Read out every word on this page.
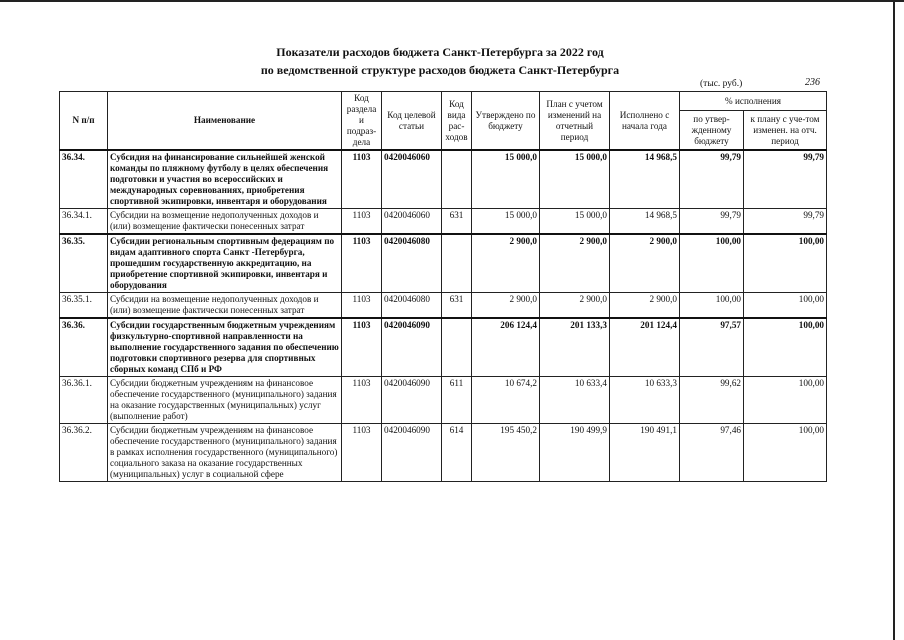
Показатели расходов бюджета Санкт-Петербурга за 2022 год
по ведомственной структуре расходов бюджета Санкт-Петербурга
(тыс. руб.)	236
N п/п	Наименование	Код раздела и подраз-дела	Код целевой статьи	Код вида рас-ходов	Утверждено по бюджету	План с учетом изменений на отчетный период	Исполнено с начала года	% исполнения	
								по утвер-жденному бюджету	к плану с уче-том изменен. на отч. период
36.34.	Субсидия на финансирование сильнейшей женской команды по пляжному футболу в целях обеспечения подготовки и участия во всероссийских и международных соревнованиях, приобретения спортивной экипировки, инвентаря и оборудования	1103	0420046060		15 000,0	15 000,0	14 968,5	99,79	99,79
36.34.1.	Субсидии на возмещение недополученных доходов и (или) возмещение фактически понесенных затрат	1103	0420046060	631	15 000,0	15 000,0	14 968,5	99,79	99,79
36.35.	Субсидии региональным спортивным федерациям по видам адаптивного спорта Санкт -Петербурга, прошедшим государственную аккредитацию, на приобретение спортивной экипировки, инвентаря и оборудования	1103	0420046080		2 900,0	2 900,0	2 900,0	100,00	100,00
36.35.1.	Субсидии на возмещение недополученных доходов и (или) возмещение фактически понесенных затрат	1103	0420046080	631	2 900,0	2 900,0	2 900,0	100,00	100,00
36.36.	Субсидии государственным бюджетным учреждениям физкультурно-спортивной направленности на выполнение государственного задания по обеспечению подготовки спортивного резерва для спортивных сборных команд СПб и РФ	1103	0420046090		206 124,4	201 133,3	201 124,4	97,57	100,00
36.36.1.	Субсидии бюджетным учреждениям на финансовое обеспечение государственного (муниципального) задания на оказание государственных (муниципальных) услуг (выполнение работ)	1103	0420046090	611	10 674,2	10 633,4	10 633,3	99,62	100,00
36.36.2.	Субсидии бюджетным учреждениям на финансовое обеспечение государственного (муниципального) задания в рамках исполнения государственного (муниципального) социального заказа на оказание государственных (муниципальных) услуг в социальной сфере	1103	0420046090	614	195 450,2	190 499,9	190 491,1	97,46	100,00
